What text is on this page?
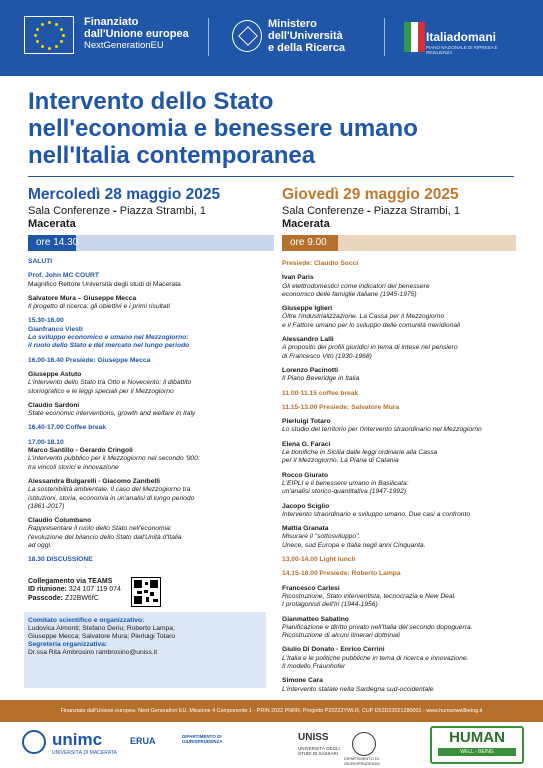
Finanziato
dall'Unione europea
NextGenerationEU
Ministero
dell'Università
e della Ricerca
Italiadomani
PIANO NAZIONALE DI RIPRESA E RESILIENZA
Intervento dello Stato
nell'economia e benessere umano
nell'Italia contemporanea
Mercoledì 28 maggio 2025
Sala Conferenze - Piazza Strambi, 1
Macerata
ore 14.30
Giovedì 29 maggio 2025
Sala Conferenze - Piazza Strambi, 1
Macerata
ore 9.00
SALUTI
Prof. John MC COURT
Magnifico Rettore Università degli studi di Macerata
Salvatore Mura – Giuseppe Mecca
Il progetto di ricerca: gli obiettivi e i primi risultati
15.30-16.00
Gianfranco Viesti
Lo sviluppo economico e umano nel Mezzogiorno:
il ruolo dello Stato e del mercato nel lungo periodo
16.00-16.40 Presiede: Giuseppe Mecca
Giuseppe Astuto
L'intervento dello Stato tra Otto e Novecento: il dibattito
storiografico e le leggi speciali per il Mezzogiorno
Claudio Sardoni
State economic interventions, growth and welfare in Italy
16.40-17.00 Coffee break
17.00-18.10
Marco Santillo - Gerardo Cringoli
L'intervento pubblico per il Mezzogiorno nel secondo '900:
tra vincoli storici e innovazione
Alessandra Bulgarelli - Giacomo Zanibelli
La sostenibilità ambientale. Il caso del Mezzogiorno tra
istituzioni, storia, economia in un'analisi di lungo periodo
(1861-2017)
Claudio Columbano
Rappresentare il ruolo dello Stato nell'economia:
l'evoluzione del bilancio dello Stato dall'Unità d'Italia
ad oggi.
18.30 DISCUSSIONE
Presiede: Claudio Socci
Ivan Paris
Gli elettrodomestici come indicatori del benessere
economico delle famiglie italiane (1945-1975)
Giuseppe Iglieri
Oltre l'industrializzazione. La Cassa per il Mezzogiorno
e il Fattore umano per lo sviluppo delle comunità meridionali
Alessandro Lalli
A proposito dei profili giuridici in tema di intese nel pensiero
di Francesco Vito (1930-1968)
Lorenzo Pacinotti
Il Piano Beveridge in Italia
11.00-11.15 coffee break
11.15-13.00 Presiede: Salvatore Mura
Pierluigi Totaro
Lo studio del territorio per l'intervento straordinario nel Mezzogiorno
Elena G. Faraci
Le bonifiche in Sicilia dalle leggi ordinarie alla Cassa
per il Mezzogiorno. La Piana di Catania
Rocco Giurato
L'EIPLI e il benessere umano in Basilicata:
un'analisi storico-quantitativa (1947-1992)
Jacopo Sciglio
Intervento straordinario e sviluppo umano. Due casi a confronto
Mattia Granata
Misurare il "sottosviluppo".
Unece, sud Europa e Italia negli anni Cinquanta.
13.00-14.00 Light lunch
14.15-16.00 Presiede: Roberto Lampa
Francesco Carlesi
Ricostruzione, Stato interventista, tecnocrazia e New Deal.
I protagonisti dell'Iri (1944-1956)
Gianmatteo Sabatino
Pianificazione e diritto privato nell'Italia del secondo dopoguerra.
Ricostruzione di alcuni itinerari dottrinali
Giulio Di Donato - Enrico Cerrini
L'Italia e le politiche pubbliche in tema di ricerca e innovazione.
Il modello Fraunhofer
Simone Cara
L'intervento statale nella Sardegna sud-occidentale
Collegamento via TEAMS
ID riunione: 324 107 119 074
Passcode: ZJ2BW6fC
Comitato scientifico e organizzativo:
Ludovica Almonti; Stefano Deriu; Roberto Lampa;
Giuseppe Mecca; Salvatore Mura; Pierluigi Totaro
Segreteria organizzativa:
Dr.ssa Rita Ambrosino rambrosino@uniss.it
Finanziato dall'Unione europea- Next Generation EU, Missione 4 Componente 1 - PRIN 2022 PNRR, Progetto P20223YWLR, CUP D53D23021280001 - www.humanwellbeing.it
unimc
UNIVERSITÀ DI MACERATA
ERUA	DIPARTIMENTO DI GIURISPRUDENZA	UNISS
UNIVERSITÀ DEGLI STUDI DI SASSARI
DIPARTIMENTO DI GIURISPRUDENZA
HUMAN
WELL - BEING
